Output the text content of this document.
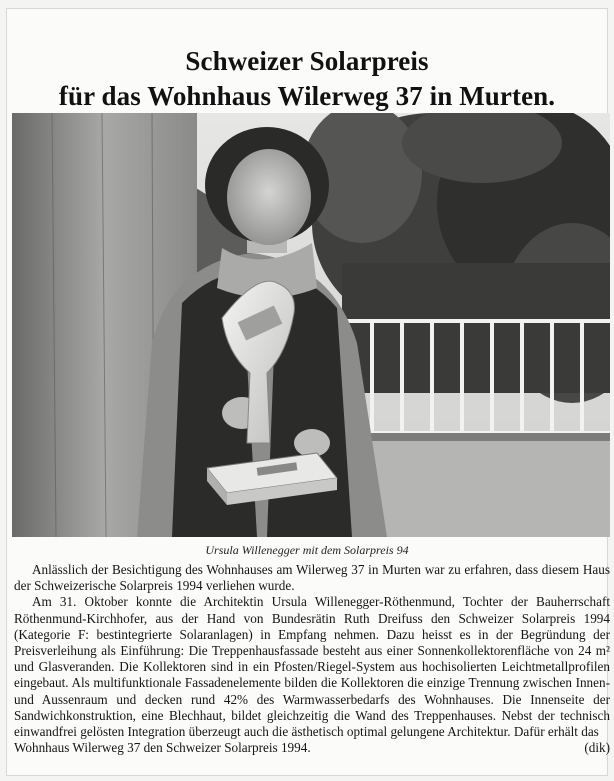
Schweizer Solarpreis
für das Wohnhaus Wilerweg 37 in Murten.
Ursula Willenegger mit dem Solarpreis 94

Anlässlich der Besichtigung des Wohnhauses am Wilerweg 37 in Murten war zu erfahren, dass diesem Haus der Schweizerische Solarpreis 1994 verliehen wurde.

Am 31. Oktober konnte die Architektin Ursula Willenegger-Röthenmund, Tochter der Bauherrschaft Röthenmund-Kirchhofer, aus der Hand von Bundesrätin Ruth Dreifuss den Schweizer Solarpreis 1994 (Kategorie F: bestintegrierte Solaranlagen) in Empfang nehmen. Dazu heisst es in der Begründung der Preisverleihung als Einführung: Die Treppenhausfassade besteht aus einer Sonnenkollektorenfläche von 24 m² und Glasveranden. Die Kollektoren sind in ein Pfosten/Riegel-System aus hochisolierten Leichtmetallprofilen eingebaut. Als multifunktionale Fassadenelemente bilden die Kollektoren die einzige Trennung zwischen Innen- und Aussenraum und decken rund 42% des Warmwasserbedarfs des Wohnhauses. Die Innenseite der Sandwichkonstruktion, eine Blechhaut, bildet gleichzeitig die Wand des Treppenhauses. Nebst der technisch einwandfrei gelösten Integration überzeugt auch die ästhetisch optimal gelungene Architektur. Dafür erhält das

Wohnhaus Wilerweg 37 den Schweizer Solarpreis 1994.	(dik)
